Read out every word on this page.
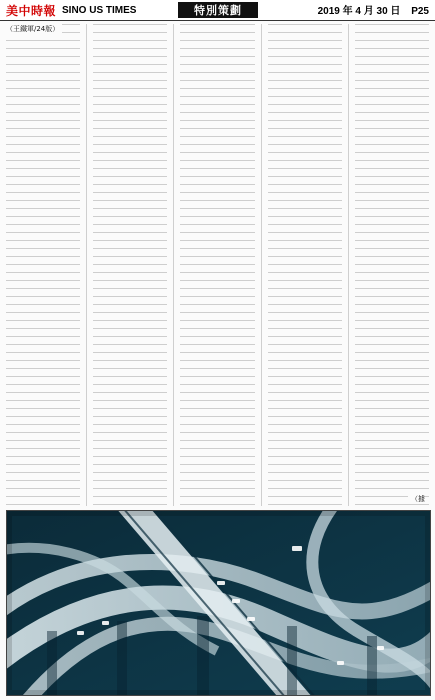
美中時報 SINO US TIMES	特別策劃	2019 年 4 月 30 日 P25
（王鐵軍/24版）
（據
